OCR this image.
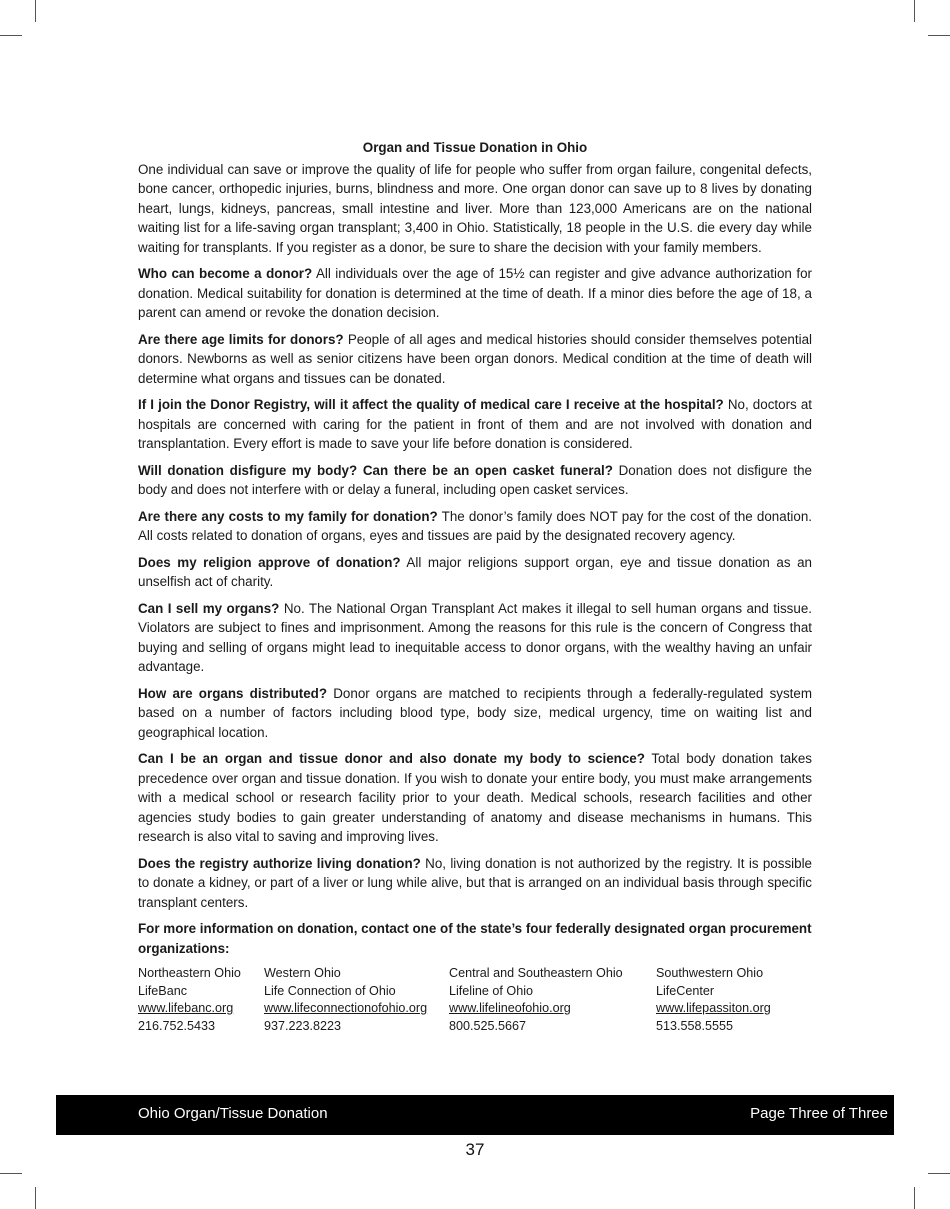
Organ and Tissue Donation in Ohio

One individual can save or improve the quality of life for people who suffer from organ failure, congenital defects, bone cancer, orthopedic injuries, burns, blindness and more. One organ donor can save up to 8 lives by donating heart, lungs, kidneys, pancreas, small intestine and liver. More than 123,000 Americans are on the national waiting list for a life-saving organ transplant; 3,400 in Ohio. Statistically, 18 people in the U.S. die every day while waiting for transplants. If you register as a donor, be sure to share the decision with your family members.

Who can become a donor? All individuals over the age of 15½ can register and give advance authorization for donation. Medical suitability for donation is determined at the time of death. If a minor dies before the age of 18, a parent can amend or revoke the donation decision.

Are there age limits for donors? People of all ages and medical histories should consider themselves potential donors. Newborns as well as senior citizens have been organ donors. Medical condition at the time of death will determine what organs and tissues can be donated.

If I join the Donor Registry, will it affect the quality of medical care I receive at the hospital? No, doctors at hospitals are concerned with caring for the patient in front of them and are not involved with donation and transplantation. Every effort is made to save your life before donation is considered.

Will donation disfigure my body? Can there be an open casket funeral? Donation does not disfigure the body and does not interfere with or delay a funeral, including open casket services.

Are there any costs to my family for donation? The donor’s family does NOT pay for the cost of the donation. All costs related to donation of organs, eyes and tissues are paid by the designated recovery agency.

Does my religion approve of donation? All major religions support organ, eye and tissue donation as an unselfish act of charity.

Can I sell my organs? No. The National Organ Transplant Act makes it illegal to sell human organs and tissue. Violators are subject to fines and imprisonment. Among the reasons for this rule is the concern of Congress that buying and selling of organs might lead to inequitable access to donor organs, with the wealthy having an unfair advantage.

How are organs distributed? Donor organs are matched to recipients through a federally-regulated system based on a number of factors including blood type, body size, medical urgency, time on waiting list and geographical location.

Can I be an organ and tissue donor and also donate my body to science? Total body donation takes precedence over organ and tissue donation. If you wish to donate your entire body, you must make arrangements with a medical school or research facility prior to your death. Medical schools, research facilities and other agencies study bodies to gain greater understanding of anatomy and disease mechanisms in humans. This research is also vital to saving and improving lives.

Does the registry authorize living donation? No, living donation is not authorized by the registry. It is possible to donate a kidney, or part of a liver or lung while alive, but that is arranged on an individual basis through specific transplant centers.

For more information on donation, contact one of the state’s four federally designated organ procurement organizations:

Northeastern Ohio
LifeBanc
www.lifebanc.org
216.752.5433
Western Ohio
Life Connection of Ohio
www.lifeconnectionofohio.org
937.223.8223
Central and Southeastern Ohio
Lifeline of Ohio
www.lifelineofohio.org
800.525.5667
Southwestern Ohio
LifeCenter
www.lifepassiton.org
513.558.5555
Ohio Organ/Tissue Donation	Page Three of Three
37
